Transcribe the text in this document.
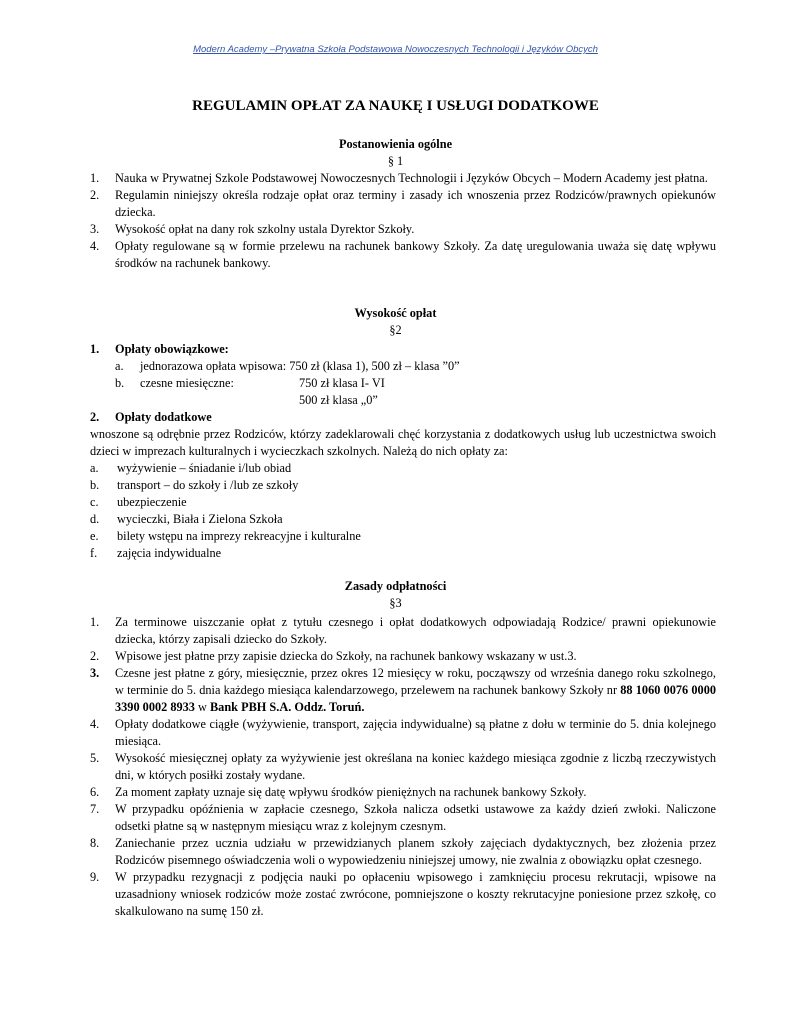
Modern Academy –Prywatna Szkoła Podstawowa Nowoczesnych Technologii i Języków Obcych
REGULAMIN OPŁAT ZA NAUKĘ I USŁUGI DODATKOWE
Postanowienia ogólne
§ 1
1. Nauka w Prywatnej Szkole Podstawowej Nowoczesnych Technologii i Języków Obcych – Modern Academy jest płatna.
2. Regulamin niniejszy określa rodzaje opłat oraz terminy i zasady ich wnoszenia przez Rodziców/prawnych opiekunów dziecka.
3. Wysokość opłat na dany rok szkolny ustala Dyrektor Szkoły.
4. Opłaty regulowane są w formie przelewu na rachunek bankowy Szkoły. Za datę uregulowania uważa się datę wpływu środków na rachunek bankowy.
Wysokość opłat
§2
1. Opłaty obowiązkowe:
a. jednorazowa opłata wpisowa: 750 zł (klasa 1), 500 zł – klasa ”0”
b. czesne miesięczne:	750 zł klasa I- VI
500 zł klasa „0”
2. Opłaty dodatkowe
wnoszone są odrębnie przez Rodziców, którzy zadeklarowali chęć korzystania z dodatkowych usług lub uczestnictwa swoich dzieci w imprezach kulturalnych i wycieczkach szkolnych. Należą do nich opłaty za:
a. wyżywienie – śniadanie i/lub obiad
b. transport – do szkoły i /lub ze szkoły
c. ubezpieczenie
d. wycieczki, Biała i Zielona Szkoła
e. bilety wstępu na imprezy rekreacyjne i kulturalne
f. zajęcia indywidualne
Zasady odpłatności
§3
1. Za terminowe uiszczanie opłat z tytułu czesnego i opłat dodatkowych odpowiadają Rodzice/ prawni opiekunowie dziecka, którzy zapisali dziecko do Szkoły.
2. Wpisowe jest płatne przy zapisie dziecka do Szkoły, na rachunek bankowy wskazany w ust.3.
3. Czesne jest płatne z góry, miesięcznie, przez okres 12 miesięcy w roku, począwszy od września danego roku szkolnego, w terminie do 5. dnia każdego miesiąca kalendarzowego, przelewem na rachunek bankowy Szkoły nr 88 1060 0076 0000 3390 0002 8933 w Bank PBH S.A. Oddz. Toruń.
4. Opłaty dodatkowe ciągłe (wyżywienie, transport, zajęcia indywidualne) są płatne z dołu w terminie do 5. dnia kolejnego miesiąca.
5. Wysokość miesięcznej opłaty za wyżywienie jest określana na koniec każdego miesiąca zgodnie z liczbą rzeczywistych dni, w których posiłki zostały wydane.
6. Za moment zapłaty uznaje się datę wpływu środków pieniężnych na rachunek bankowy Szkoły.
7. W przypadku opóźnienia w zapłacie czesnego, Szkoła nalicza odsetki ustawowe za każdy dzień zwłoki. Naliczone odsetki płatne są w następnym miesiącu wraz z kolejnym czesnym.
8. Zaniechanie przez ucznia udziału w przewidzianych planem szkoły zajęciach dydaktycznych, bez złożenia przez Rodziców pisemnego oświadczenia woli o wypowiedzeniu niniejszej umowy, nie zwalnia z obowiązku opłat czesnego.
9. W przypadku rezygnacji z podjęcia nauki po opłaceniu wpisowego i zamknięciu procesu rekrutacji, wpisowe na uzasadniony wniosek rodziców może zostać zwrócone, pomniejszone o koszty rekrutacyjne poniesione przez szkołę, co skalkulowano na sumę 150 zł.
